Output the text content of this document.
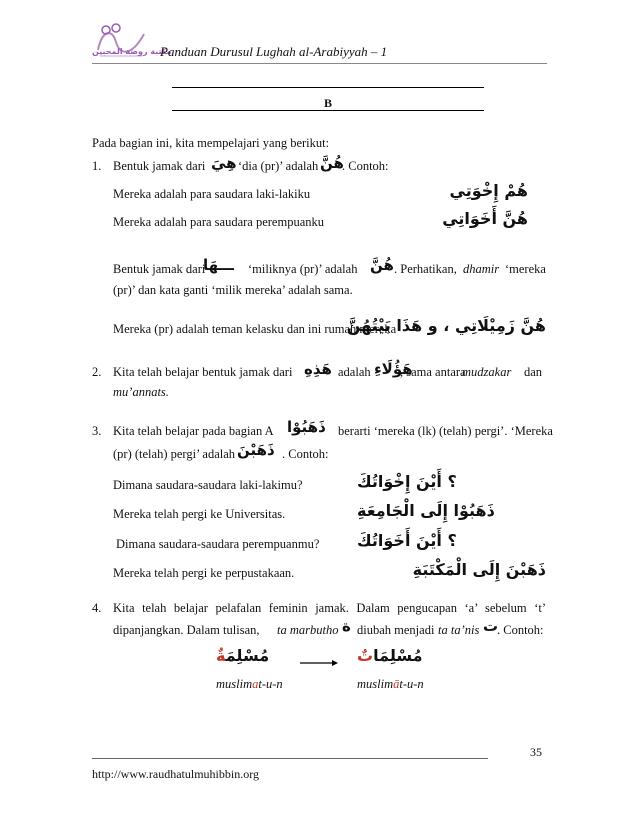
مكتبة روضة المحبين
Panduan Durusul Lughah al-Arabiyyah – 1
B
Pada bagian ini, kita mempelajari yang berikut:
1. Bentuk jamak dari هِيَ ‘dia (pr)’ adalah هُنَّ
. Contoh:
Mereka adalah para saudara laki-lakiku	هُمْ إِخْوَتِي
Mereka adalah para saudara perempuanku	هُنَّ أَخَوَاتِي
Bentuk jamak dari
ـــهَا ‘miliknya (pr)’ adalah هُنَّ . Perhatikan, dhamir ‘mereka
(pr)’ dan kata ganti ‘milik mereka’ adalah sama.
Mereka (pr) adalah teman kelasku dan ini rumah mereka
هُنَّ زَمِيْلَاتِي ، و هَذَا بَيْتُهُنَّ
2. Kita telah belajar bentuk jamak dari هَذِهِ adalah هَؤُلَاءِ
, sama antara
mudzakar dan
mu’annats.
3. Kita telah belajar pada bagian A ذَهَبُوْا berarti ‘mereka (lk) (telah) pergi’. ‘Mereka
(pr) (telah) pergi’ adalah ذَهَبْنَ . Contoh:
Dimana saudara-saudara laki-lakimu?	؟ أَيْنَ إِخْوَاتُكَ
Mereka telah pergi ke Universitas.	ذَهَبُوْا إِلَى الْجَامِعَةِ
Dimana saudara-saudara perempuanmu? ؟ أَيْنَ أَخَوَاتُكَ
Mereka telah pergi ke perpustakaan.	ذَهَبْنَ إِلَى الْمَكْتَبَةِ
4. Kita telah belajar pelafalan feminin jamak. Dalam pengucapan ‘a’ sebelum ‘t’
dipanjangkan. Dalam tulisan, ta marbutho ة diubah menjadi ta ta’nis ت
. Contoh:
مُسْلِمَةٌ	مُسْلِمَاتٌ
muslimat-u-n	muslimāt-u-n
35
http://www.raudhatulmuhibbin.org
